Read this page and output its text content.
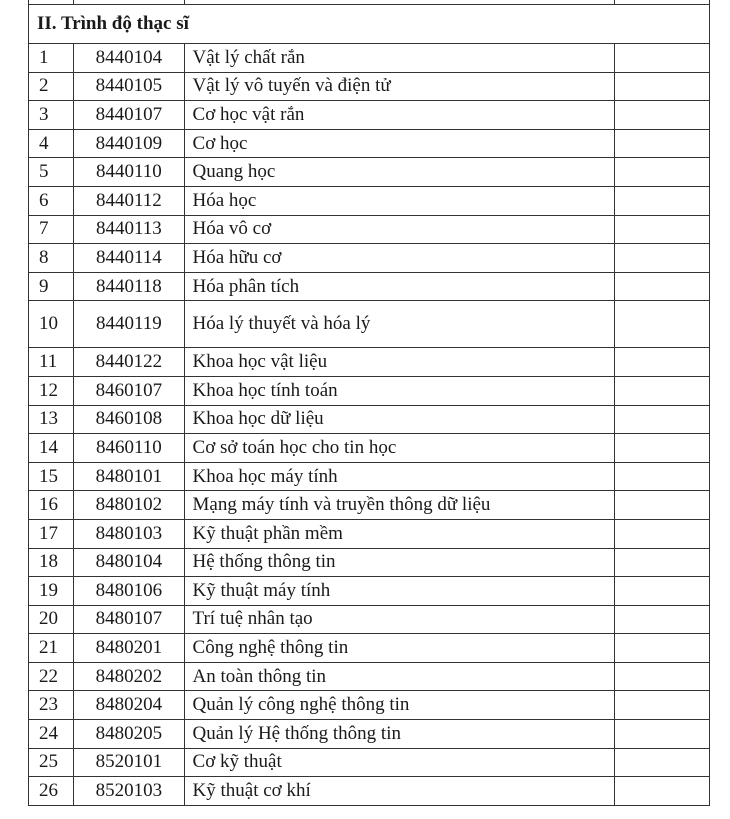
II. Trình độ thạc sĩ			
1	8440104	Vật lý chất rắn	
2	8440105	Vật lý vô tuyến và điện tử	
3	8440107	Cơ học vật rắn	
4	8440109	Cơ học	
5	8440110	Quang học	
6	8440112	Hóa học	
7	8440113	Hóa vô cơ	
8	8440114	Hóa hữu cơ	
9	8440118	Hóa phân tích	
10	8440119	Hóa lý thuyết và hóa lý	
11	8440122	Khoa học vật liệu	
12	8460107	Khoa học tính toán	
13	8460108	Khoa học dữ liệu	
14	8460110	Cơ sở toán học cho tin học	
15	8480101	Khoa học máy tính	
16	8480102	Mạng máy tính và truyền thông dữ liệu	
17	8480103	Kỹ thuật phần mềm	
18	8480104	Hệ thống thông tin	
19	8480106	Kỹ thuật máy tính	
20	8480107	Trí tuệ nhân tạo	
21	8480201	Công nghệ thông tin	
22	8480202	An toàn thông tin	
23	8480204	Quản lý công nghệ thông tin	
24	8480205	Quản lý Hệ thống thông tin	
25	8520101	Cơ kỹ thuật	
26	8520103	Kỹ thuật cơ khí	
